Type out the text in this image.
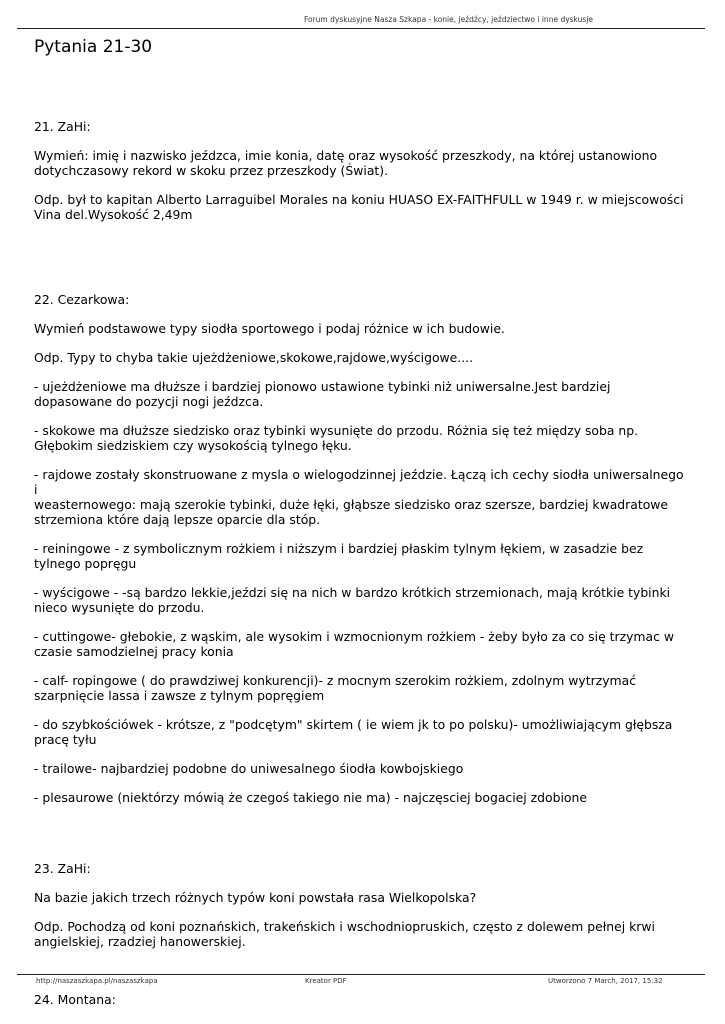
Forum dyskusyjne Nasza Szkapa - konie, jeźdźcy, jeździectwo i inne dyskusje
Pytania 21-30

21. ZaHi:

Wymień: imię i nazwisko jeźdzca, imie konia, datę oraz wysokość przeszkody, na której ustanowiono
dotychczasowy rekord w skoku przez przeszkody (Świat).

Odp. był to kapitan Alberto Larraguibel Morales na koniu HUASO EX-FAITHFULL w 1949 r. w miejscowości
Vina del.Wysokość 2,49m

22. Cezarkowa:

Wymień podstawowe typy siodła sportowego i podaj różnice w ich budowie.

Odp. Typy to chyba takie ujeżdżeniowe,skokowe,rajdowe,wyścigowe....

- ujeżdżeniowe ma dłuższe i bardziej pionowo ustawione tybinki niż uniwersalne.Jest bardziej
dopasowane do pozycji nogi jeźdzca.

- skokowe ma dłuższe siedzisko oraz tybinki wysunięte do przodu. Różnia się też między soba np.
Głębokim siedziskiem czy wysokością tylnego łęku.

- rajdowe zostały skonstruowane z mysla o wielogodzinnej jeździe. Łączą ich cechy siodła uniwersalnego i
weasternowego: mają szerokie tybinki, duże łęki, głąbsze siedzisko oraz szersze, bardziej kwadratowe
strzemiona które dają lepsze oparcie dla stóp.

- reiningowe - z symbolicznym rożkiem i niższym i bardziej płaskim tylnym łękiem, w zasadzie bez
tylnego popręgu

- wyścigowe - -są bardzo lekkie,jeździ się na nich w bardzo krótkich strzemionach, mają krótkie tybinki
nieco wysunięte do przodu.

- cuttingowe- głebokie, z wąskim, ale wysokim i wzmocnionym rożkiem - żeby było za co się trzymac w
czasie samodzielnej pracy konia

- calf- ropingowe ( do prawdziwej konkurencji)- z mocnym szerokim rożkiem, zdolnym wytrzymać
szarpnięcie lassa i zawsze z tylnym popręgiem

- do szybkościówek - krótsze, z "podcętym" skirtem ( ie wiem jk to po polsku)- umożliwiającym głębsza
pracę tyłu

- trailowe- najbardziej podobne do uniwesalnego śiodła kowbojskiego

- plesaurowe (niektórzy mówią że czegoś takiego nie ma) - najczęsciej bogaciej zdobione

23. ZaHi:

Na bazie jakich trzech różnych typów koni powstała rasa Wielkopolska?

Odp. Pochodzą od koni poznańskich, trakeńskich i wschodniopruskich, często z dolewem pełnej krwi
angielskiej, rzadziej hanowerskiej.

24. Montana:

http://naszaszkapa.pl/naszaszkapa	Kreator PDF	Utworzono 7 March, 2017, 15:32
